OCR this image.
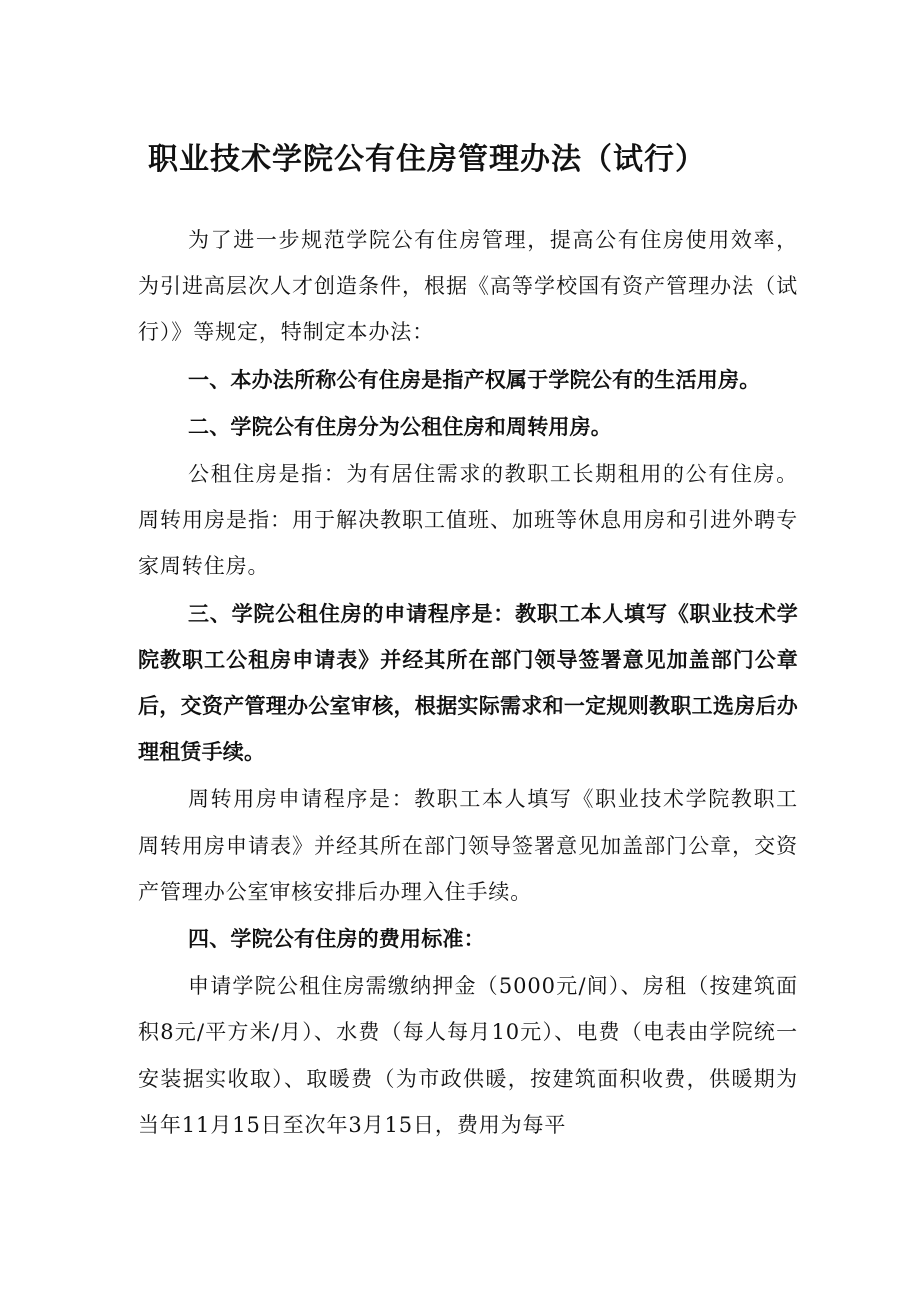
职业技术学院公有住房管理办法（试行）

为了进一步规范学院公有住房管理，提高公有住房使用效率，为引进高层次人才创造条件，根据《高等学校国有资产管理办法（试行）》等规定，特制定本办法：

一、本办法所称公有住房是指产权属于学院公有的生活用房。

二、学院公有住房分为公租住房和周转用房。

公租住房是指：为有居住需求的教职工长期租用的公有住房。周转用房是指：用于解决教职工值班、加班等休息用房和引进外聘专家周转住房。

三、学院公租住房的申请程序是：教职工本人填写《职业技术学院教职工公租房申请表》并经其所在部门领导签署意见加盖部门公章后，交资产管理办公室审核，根据实际需求和一定规则教职工选房后办理租赁手续。

周转用房申请程序是：教职工本人填写《职业技术学院教职工周转用房申请表》并经其所在部门领导签署意见加盖部门公章，交资产管理办公室审核安排后办理入住手续。

四、学院公有住房的费用标准：

申请学院公租住房需缴纳押金（5000元/间）、房租（按建筑面积8元/平方米/月）、水费（每人每月10元）、电费（电表由学院统一安装据实收取）、取暖费（为市政供暖，按建筑面积收费，供暖期为当年11月15日至次年3月15日，费用为每平
